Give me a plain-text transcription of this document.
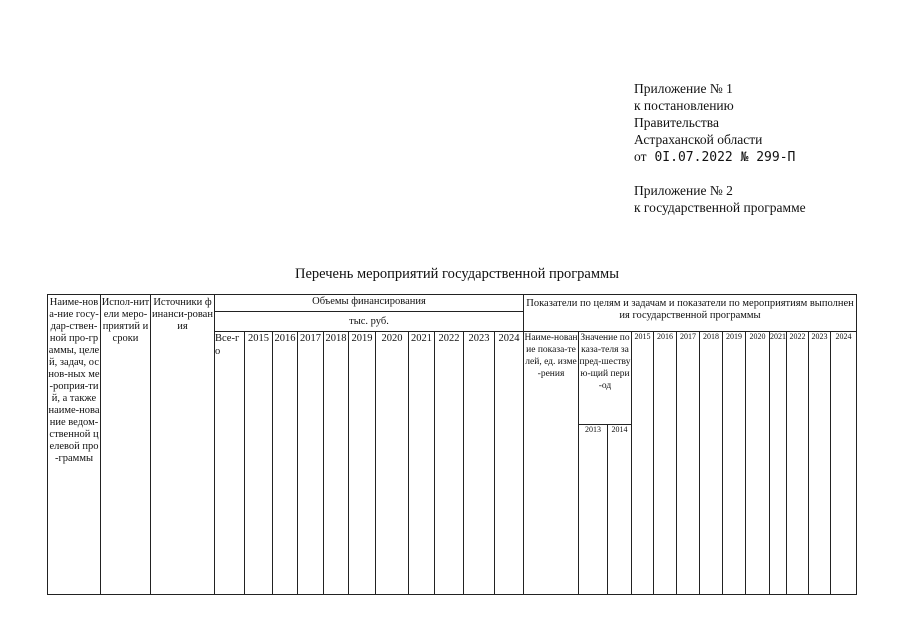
Приложение № 1
к постановлению
Правительства
Астраханской области
от 0I.07.2022 № 299-П
Приложение № 2
к государственной программе
Перечень мероприятий государственной программы
Наиме-нова-ние госу-дар-ствен-ной про-граммы, целей, задач, основ-ных ме-роприя-тий, а также наиме-нование ведом-ственной целевой про-граммы	Испол-нители меро-приятий и сроки	Источники финанси-рования	Объемы финансирования											Показатели по целям и задачам и показатели по мероприятиям выполнения государственной программы												
			тыс. руб.																							
			Все-го	2015	2016	2017	2018	2019	2020	2021	2022	2023	2024	Наиме-нование показа-телей, ед. изме-рения	Значение показа-теля за пред-шествую-щий пери-од		2015	2016	2017	2018	2019	2020	2021	2022	2023	2024
															2013	2014										
